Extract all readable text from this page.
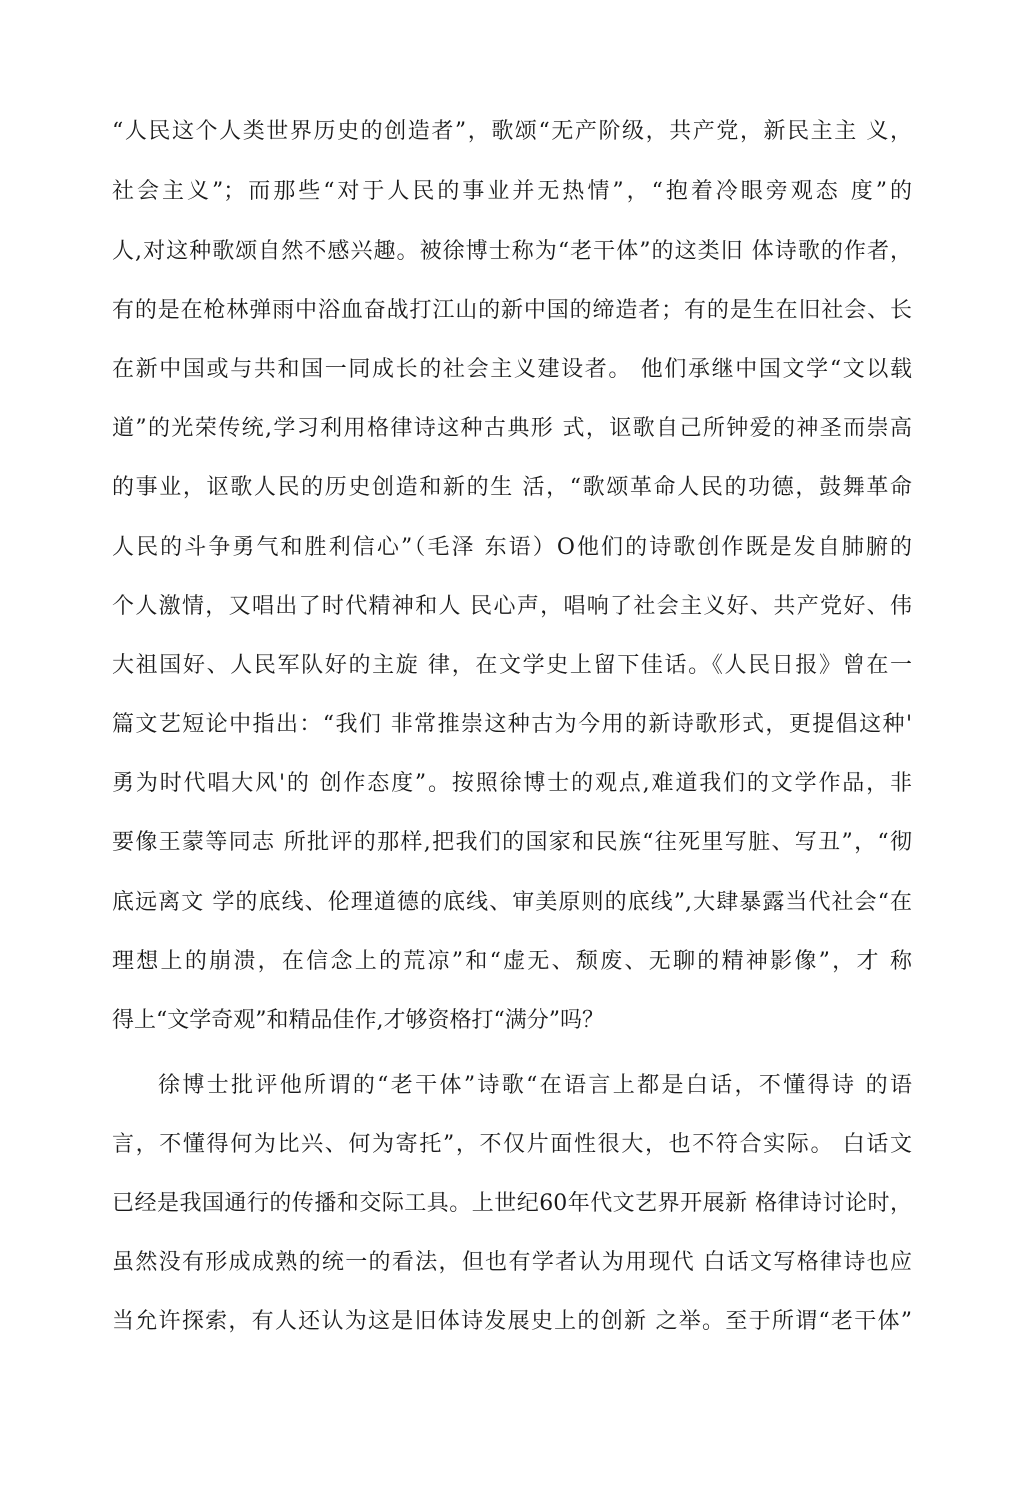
“人民这个人类世界历史的创造者”，歌颂“无产阶级，共产党，新民主主 义，
社会主义”；而那些“对于人民的事业并无热情”，“抱着冷眼旁观态 度”的
人,对这种歌颂自然不感兴趣。被徐博士称为“老干体”的这类旧 体诗歌的作者，
有的是在枪林弹雨中浴血奋战打江山的新中国的缔造者；有的是生在旧社会、长
在新中国或与共和国一同成长的社会主义建设者。 他们承继中国文学“文以载
道”的光荣传统,学习利用格律诗这种古典形 式，讴歌自己所钟爱的神圣而崇高
的事业，讴歌人民的历史创造和新的生 活，“歌颂革命人民的功德，鼓舞革命
人民的斗争勇气和胜利信心”（毛泽 东语）O他们的诗歌创作既是发自肺腑的
个人激情，又唱出了时代精神和人 民心声，唱响了社会主义好、共产党好、伟
大祖国好、人民军队好的主旋 律，在文学史上留下佳话。《人民日报》曾在一
篇文艺短论中指出：“我们 非常推崇这种古为今用的新诗歌形式，更提倡这种'
勇为时代唱大风'的 创作态度”。按照徐博士的观点,难道我们的文学作品，非
要像王蒙等同志 所批评的那样,把我们的国家和民族“往死里写脏、写丑”，“彻
底远离文 学的底线、伦理道德的底线、审美原则的底线”,大肆暴露当代社会“在
理想上的崩溃，在信念上的荒凉”和“虚无、颓废、无聊的精神影像”，才 称
得上“文学奇观”和精品佳作,才够资格打“满分”吗？
徐博士批评他所谓的“老干体”诗歌“在语言上都是白话，不懂得诗 的语
言，不懂得何为比兴、何为寄托”，不仅片面性很大，也不符合实际。 白话文
已经是我国通行的传播和交际工具。上世纪60年代文艺界开展新 格律诗讨论时，
虽然没有形成成熟的统一的看法，但也有学者认为用现代 白话文写格律诗也应
当允许探索，有人还认为这是旧体诗发展史上的创新 之举。至于所谓“老干体”
